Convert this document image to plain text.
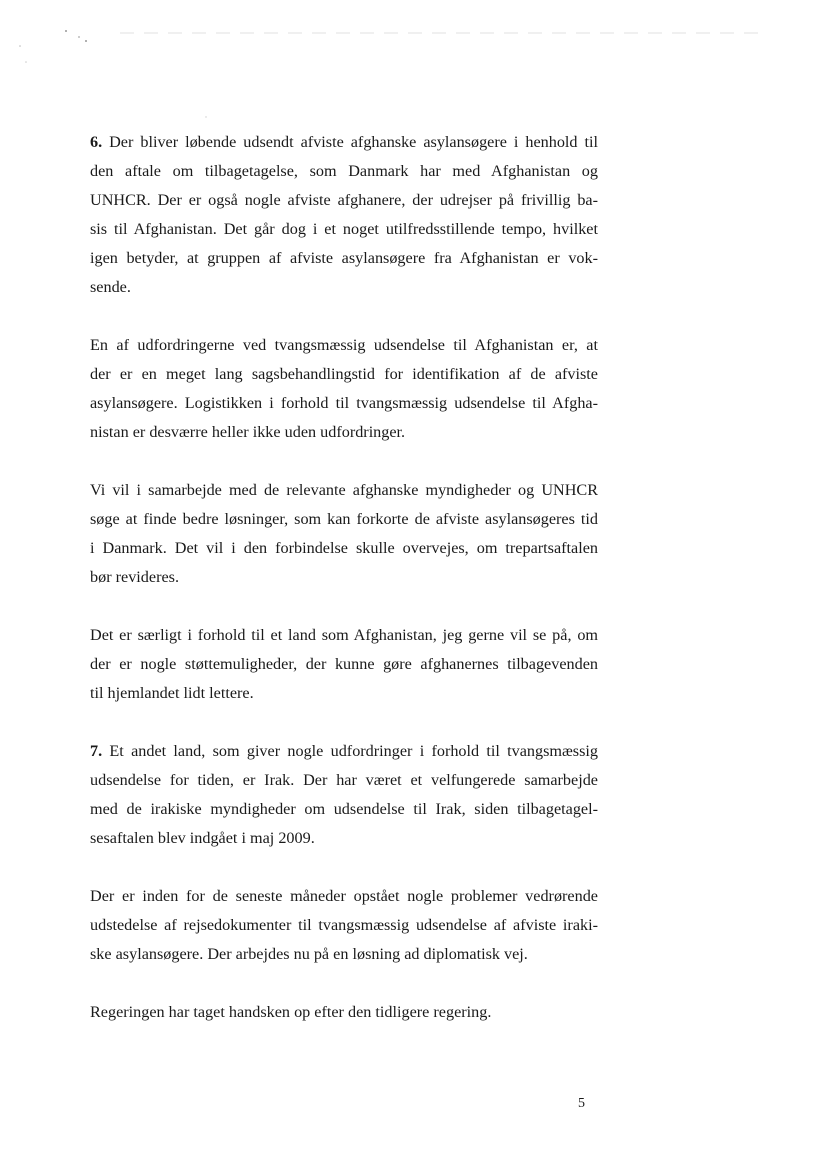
6. Der bliver løbende udsendt afviste afghanske asylansøgere i henhold til
den aftale om tilbagetagelse, som Danmark har med Afghanistan og
UNHCR. Der er også nogle afviste afghanere, der udrejser på frivillig ba-
sis til Afghanistan. Det går dog i et noget utilfredsstillende tempo, hvilket
igen betyder, at gruppen af afviste asylansøgere fra Afghanistan er vok-
sende.
En af udfordringerne ved tvangsmæssig udsendelse til Afghanistan er, at
der er en meget lang sagsbehandlingstid for identifikation af de afviste
asylansøgere. Logistikken i forhold til tvangsmæssig udsendelse til Afgha-
nistan er desværre heller ikke uden udfordringer.
Vi vil i samarbejde med de relevante afghanske myndigheder og UNHCR
søge at finde bedre løsninger, som kan forkorte de afviste asylansøgeres tid
i Danmark. Det vil i den forbindelse skulle overvejes, om trepartsaftalen
bør revideres.
Det er særligt i forhold til et land som Afghanistan, jeg gerne vil se på, om
der er nogle støttemuligheder, der kunne gøre afghanernes tilbagevenden
til hjemlandet lidt lettere.
7. Et andet land, som giver nogle udfordringer i forhold til tvangsmæssig
udsendelse for tiden, er Irak. Der har været et velfungerede samarbejde
med de irakiske myndigheder om udsendelse til Irak, siden tilbagetagel-
sesaftalen blev indgået i maj 2009.
Der er inden for de seneste måneder opstået nogle problemer vedrørende
udstedelse af rejsedokumenter til tvangsmæssig udsendelse af afviste iraki-
ske asylansøgere. Der arbejdes nu på en løsning ad diplomatisk vej.
Regeringen har taget handsken op efter den tidligere regering.
5
